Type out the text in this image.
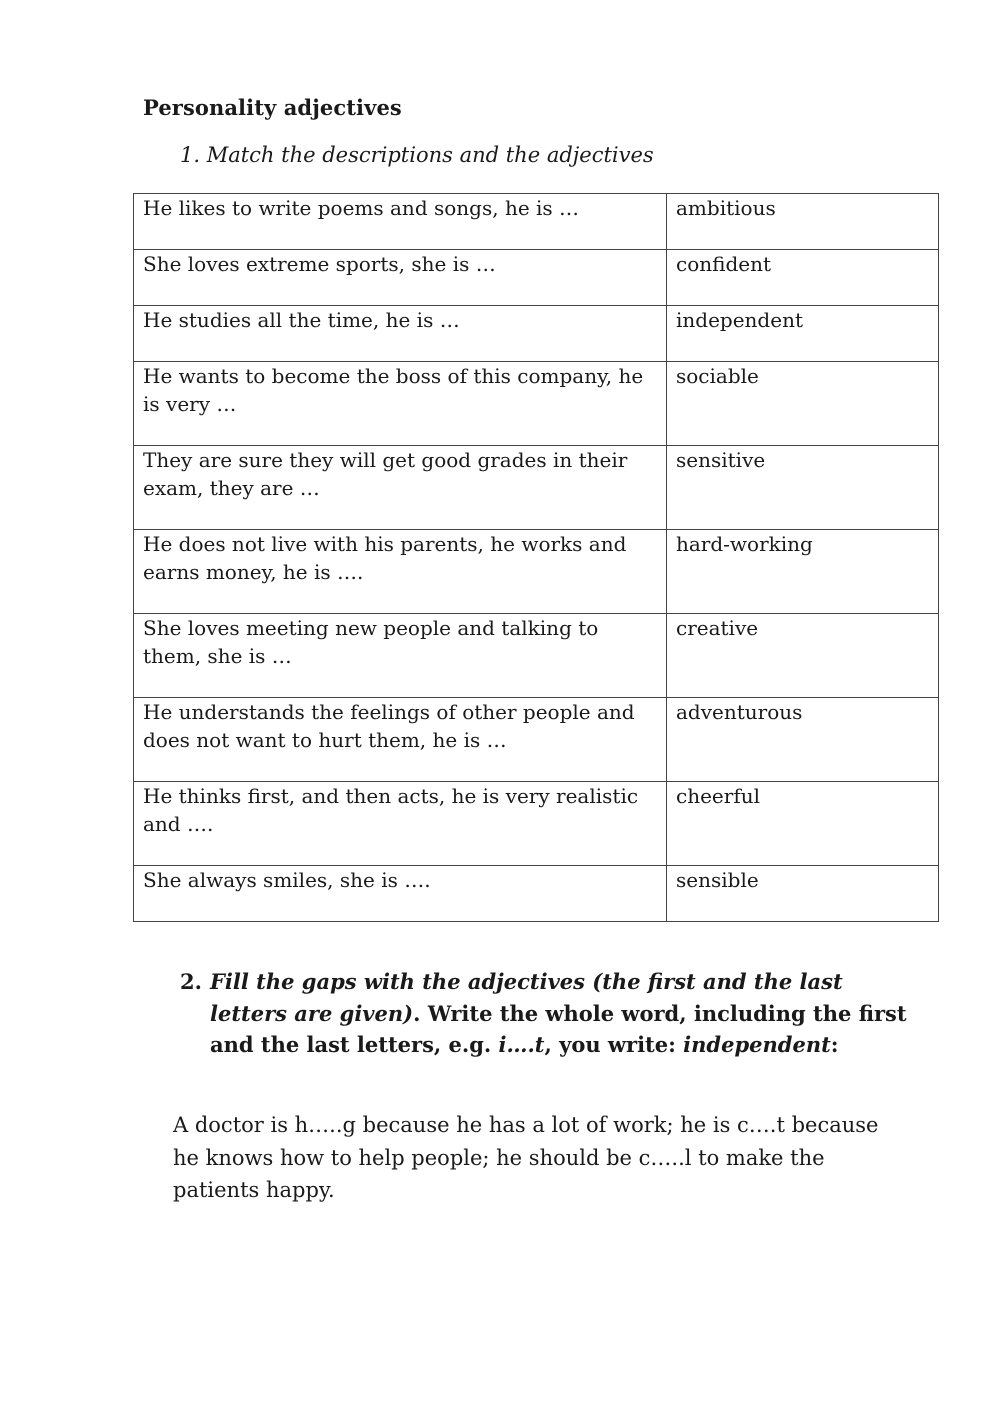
Personality adjectives
1. Match the descriptions and the adjectives
He likes to write poems and songs, he is …	ambitious
She loves extreme sports, she is …	confident
He studies all the time, he is …	independent
He wants to become the boss of this company, he is very …	sociable
They are sure they will get good grades in their exam, they are …	sensitive
He does not live with his parents, he works and earns money, he is ….	hard-working
She loves meeting new people and talking to them, she is …	creative
He understands the feelings of other people and does not want to hurt them, he is …	adventurous
He thinks first, and then acts, he is very realistic and ….	cheerful
She always smiles, she is ….	sensible
2. Fill the gaps with the adjectives (the first and the last letters are given). Write the whole word, including the first and the last letters, e.g. i….t, you write: independent:
A doctor is h…..g because he has a lot of work; he is c….t because he knows how to help people; he should be c…..l to make the patients happy.
